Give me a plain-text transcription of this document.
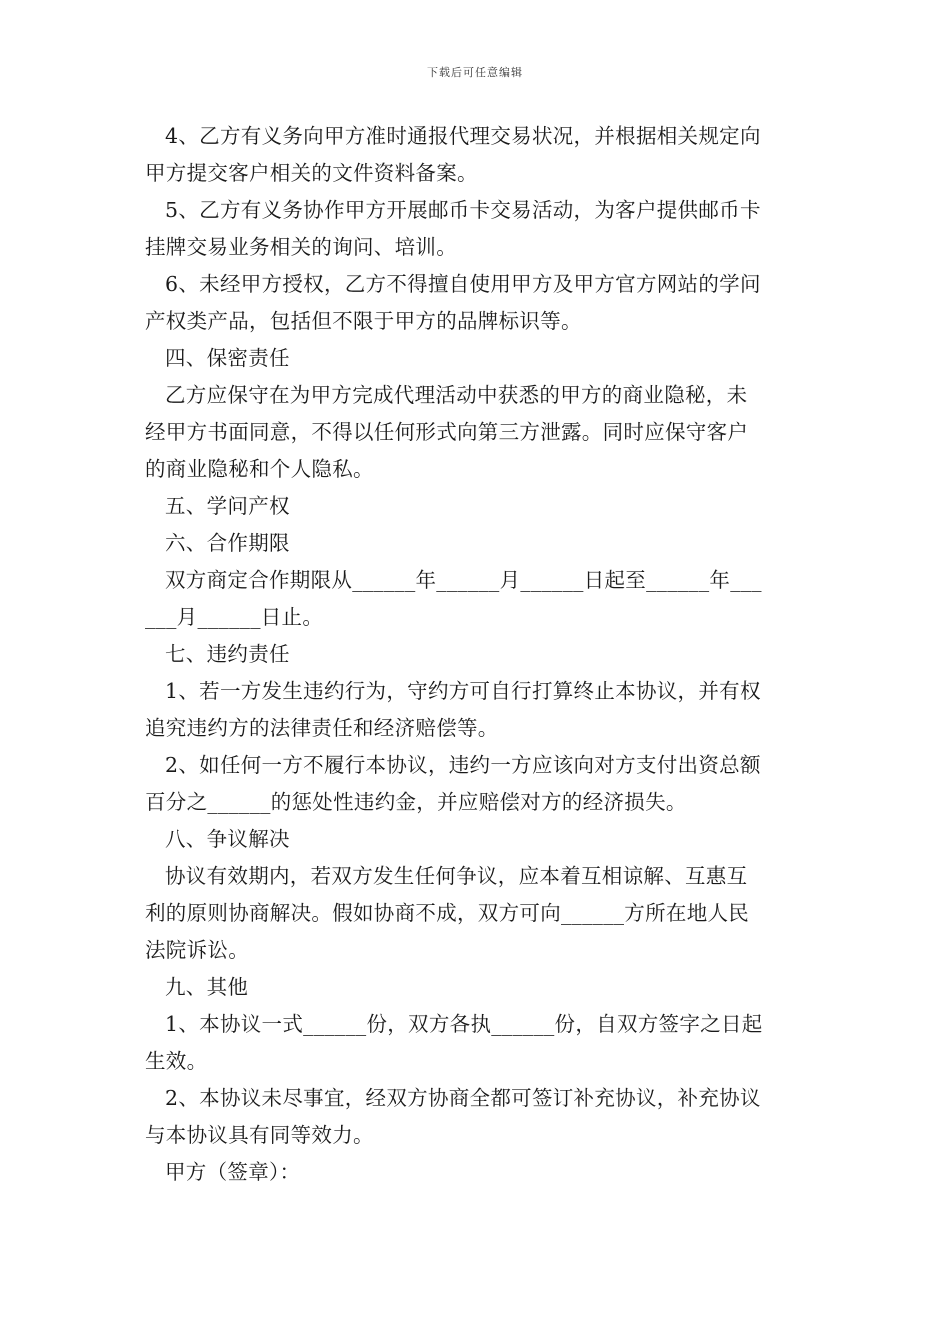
下载后可任意编辑
4、乙方有义务向甲方准时通报代理交易状况，并根据相关规定向
甲方提交客户相关的文件资料备案。
5、乙方有义务协作甲方开展邮币卡交易活动，为客户提供邮币卡
挂牌交易业务相关的询问、培训。
6、未经甲方授权，乙方不得擅自使用甲方及甲方官方网站的学问
产权类产品，包括但不限于甲方的品牌标识等。
四、保密责任
乙方应保守在为甲方完成代理活动中获悉的甲方的商业隐秘，未
经甲方书面同意，不得以任何形式向第三方泄露。同时应保守客户
的商业隐秘和个人隐私。
五、学问产权
六、合作期限
双方商定合作期限从______年______月______日起至______年___
___月______日止。
七、违约责任
1、若一方发生违约行为，守约方可自行打算终止本协议，并有权
追究违约方的法律责任和经济赔偿等。
2、如任何一方不履行本协议，违约一方应该向对方支付出资总额
百分之______的惩处性违约金，并应赔偿对方的经济损失。
八、争议解决
协议有效期内，若双方发生任何争议，应本着互相谅解、互惠互
利的原则协商解决。假如协商不成，双方可向______方所在地人民
法院诉讼。
九、其他
1、本协议一式______份，双方各执______份，自双方签字之日起
生效。
2、本协议未尽事宜，经双方协商全都可签订补充协议，补充协议
与本协议具有同等效力。
甲方（签章）：
